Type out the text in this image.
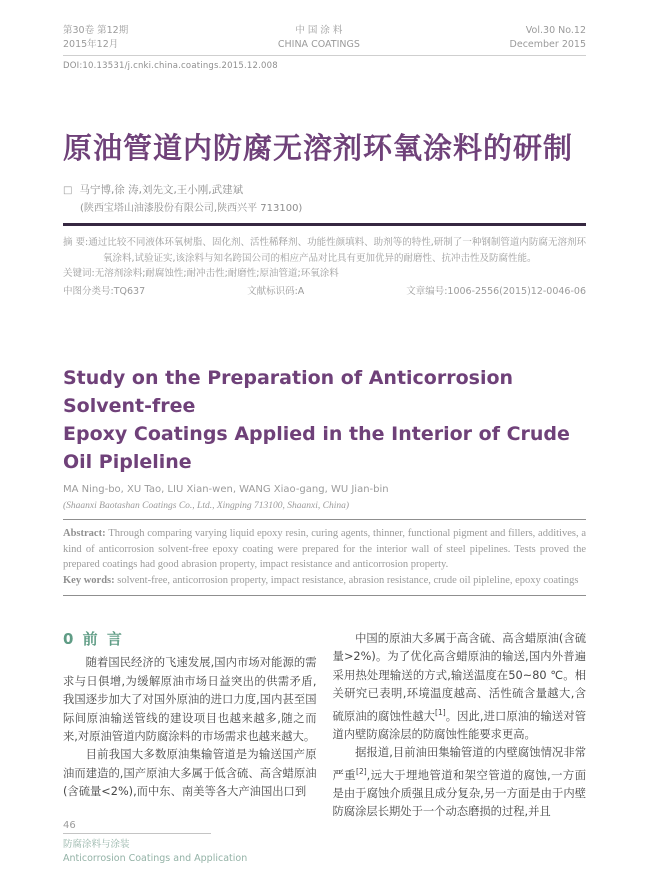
第30卷 第12期
2015年12月
中 国 涂 料
CHINA COATINGS
Vol.30 No.12
December 2015
DOI:10.13531/j.cnki.china.coatings.2015.12.008
原油管道内防腐无溶剂环氧涂料的研制
□ 马宁博,徐 涛,刘先文,王小刚,武建斌
(陕西宝塔山油漆股份有限公司,陕西兴平 713100)

摘 要:通过比较不同液体环氧树脂、固化剂、活性稀释剂、功能性颜填料、助剂等的特性,研制了一种钢制管道内防腐无溶剂环氧涂料,试验证实,该涂料与知名跨国公司的相应产品对比具有更加优异的耐磨性、抗冲击性及防腐性能。

关键词:无溶剂涂料;耐腐蚀性;耐冲击性;耐磨性;原油管道;环氧涂料

中图分类号:TQ637	文献标识码:A	文章编号:1006-2556(2015)12-0046-06
Study on the Preparation of Anticorrosion Solvent-free
Epoxy Coatings Applied in the Interior of Crude Oil Pipleline
MA Ning-bo, XU Tao, LIU Xian-wen, WANG Xiao-gang, WU Jian-bin
(Shaanxi Baotashan Coatings Co., Ltd., Xingping 713100, Shaanxi, China)

Abstract: Through comparing varying liquid epoxy resin, curing agents, thinner, functional pigment and fillers, additives, a kind of anticorrosion solvent-free epoxy coating were prepared for the interior wall of steel pipelines. Tests proved the prepared coatings had good abrasion property, impact resistance and anticorrosion property.

Key words: solvent-free, anticorrosion property, impact resistance, abrasion resistance, crude oil pipleline, epoxy coatings

0 前 言

随着国民经济的飞速发展,国内市场对能源的需求与日俱增,为缓解原油市场日益突出的供需矛盾,我国逐步加大了对国外原油的进口力度,国内甚至国际间原油输送管线的建设项目也越来越多,随之而来,对原油管道内防腐涂料的市场需求也越来越大。

目前我国大多数原油集输管道是为输送国产原油而建造的,国产原油大多属于低含硫、高含蜡原油(含硫量<2%),而中东、南美等各大产油国出口到

中国的原油大多属于高含硫、高含蜡原油(含硫量>2%)。为了优化高含蜡原油的输送,国内外普遍采用热处理输送的方式,输送温度在50~80 ℃。相关研究已表明,环境温度越高、活性硫含量越大,含硫原油的腐蚀性越大[1]。因此,进口原油的输送对管道内壁防腐涂层的防腐蚀性能要求更高。

据报道,目前油田集输管道的内壁腐蚀情况非常严重[2],远大于埋地管道和架空管道的腐蚀,一方面是由于腐蚀介质强且成分复杂,另一方面是由于内壁防腐涂层长期处于一个动态磨损的过程,并且

46
防腐涂料与涂装
Anticorrosion Coatings and Application
